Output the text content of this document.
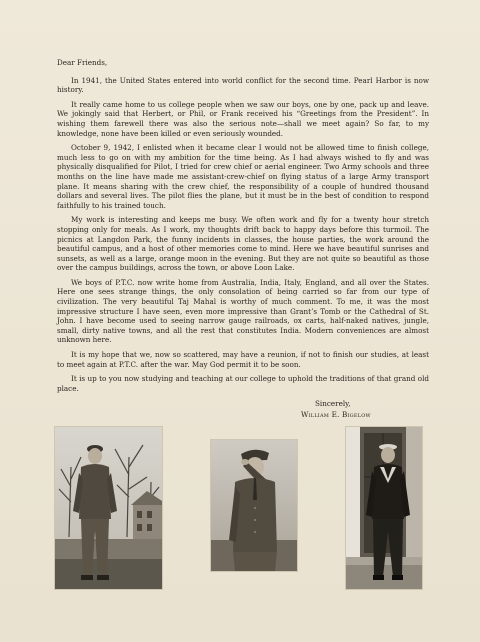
Dear Friends,

In 1941, the United States entered into world conflict for the second time. Pearl Harbor is now history.

It really came home to us college people when we saw our boys, one by one, pack up and leave. We jokingly said that Herbert, or Phil, or Frank received his “Greetings from the President”. In wishing them farewell there was also the serious note—shall we meet again? So far, to my knowledge, none have been killed or even seriously wounded.

October 9, 1942, I enlisted when it became clear I would not be allowed time to finish college, much less to go on with my ambition for the time being. As I had always wished to fly and was physically disqualified for Pilot, I tried for crew chief or aerial engineer. Two Army schools and three months on the line have made me assistant-crew-chief on flying status of a large Army transport plane. It means sharing with the crew chief, the responsibility of a couple of hundred thousand dollars and several lives. The pilot flies the plane, but it must be in the best of condition to respond faithfully to his trained touch.

My work is interesting and keeps me busy. We often work and fly for a twenty hour stretch stopping only for meals. As I work, my thoughts drift back to happy days before this turmoil. The picnics at Langdon Park, the funny incidents in classes, the house parties, the work around the beautiful campus, and a host of other memories come to mind. Here we have beautiful sunrises and sunsets, as well as a large, orange moon in the evening. But they are not quite so beautiful as those over the campus buildings, across the town, or above Loon Lake.

We boys of P.T.C. now write home from Australia, India, Italy, England, and all over the States. Here one sees strange things, the only consolation of being carried so far from our type of civilization. The very beautiful Taj Mahal is worthy of much comment. To me, it was the most impressive structure I have seen, even more impressive than Grant’s Tomb or the Cathedral of St. John. I have become used to seeing narrow gauge railroads, ox carts, half-naked natives, jungle, small, dirty native towns, and all the rest that constitutes India. Modern conveniences are almost unknown here.

It is my hope that we, now so scattered, may have a reunion, if not to finish our studies, at least to meet again at P.T.C. after the war. May God permit it to be soon.

It is up to you now studying and teaching at our college to uphold the traditions of that grand old place.

Sincerely,
William E. Bigelow
